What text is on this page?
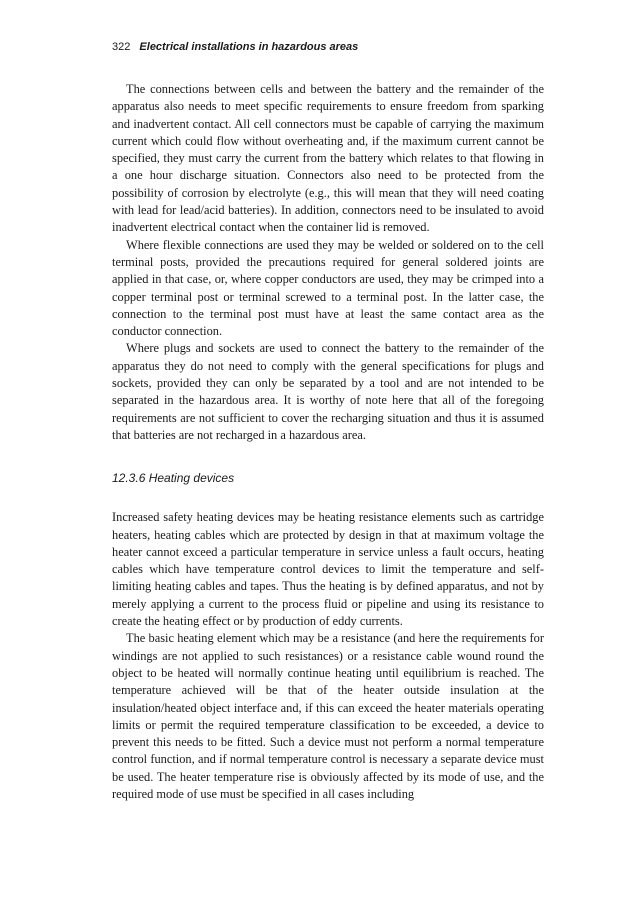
322 Electrical installations in hazardous areas

The connections between cells and between the battery and the remainder of the apparatus also needs to meet specific requirements to ensure freedom from sparking and inadvertent contact. All cell connectors must be capable of carrying the maximum current which could flow without overheating and, if the maximum current cannot be specified, they must carry the current from the battery which relates to that flowing in a one hour discharge situation. Connectors also need to be protected from the possibility of corrosion by electrolyte (e.g., this will mean that they will need coating with lead for lead/acid batteries). In addition, connectors need to be insulated to avoid inadvertent electrical contact when the container lid is removed.

Where flexible connections are used they may be welded or soldered on to the cell terminal posts, provided the precautions required for general soldered joints are applied in that case, or, where copper conductors are used, they may be crimped into a copper terminal post or terminal screwed to a terminal post. In the latter case, the connection to the terminal post must have at least the same contact area as the conductor connection.

Where plugs and sockets are used to connect the battery to the remainder of the apparatus they do not need to comply with the general specifications for plugs and sockets, provided they can only be separated by a tool and are not intended to be separated in the hazardous area. It is worthy of note here that all of the foregoing requirements are not sufficient to cover the recharging situation and thus it is assumed that batteries are not recharged in a hazardous area.

12.3.6 Heating devices

Increased safety heating devices may be heating resistance elements such as cartridge heaters, heating cables which are protected by design in that at maximum voltage the heater cannot exceed a particular temperature in service unless a fault occurs, heating cables which have temperature control devices to limit the temperature and self-limiting heating cables and tapes. Thus the heating is by defined apparatus, and not by merely applying a current to the process fluid or pipeline and using its resistance to create the heating effect or by production of eddy currents.

The basic heating element which may be a resistance (and here the requirements for windings are not applied to such resistances) or a resistance cable wound round the object to be heated will normally continue heating until equilibrium is reached. The temperature achieved will be that of the heater outside insulation at the insulation/heated object interface and, if this can exceed the heater materials operating limits or permit the required temperature classification to be exceeded, a device to prevent this needs to be fitted. Such a device must not perform a normal temperature control function, and if normal temperature control is necessary a separate device must be used. The heater temperature rise is obviously affected by its mode of use, and the required mode of use must be specified in all cases including
